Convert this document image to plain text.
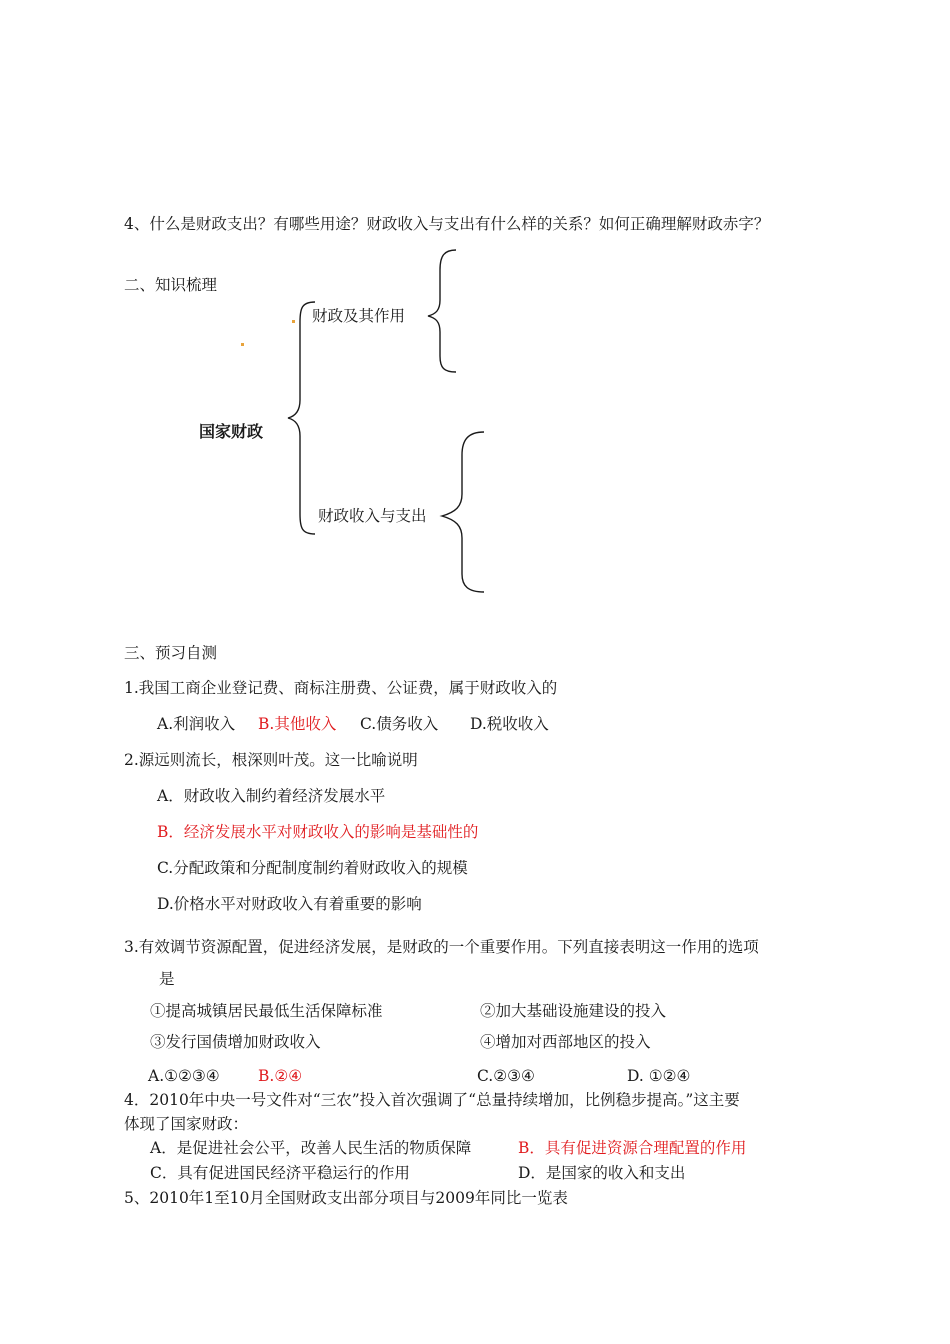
4、什么是财政支出？有哪些用途？财政收入与支出有什么样的关系？如何正确理解财政赤字？
二、知识梳理
财政及其作用
国家财政
财政收入与支出
三、预习自测
1.我国工商企业登记费、商标注册费、公证费，属于财政收入的
A.利润收入 B.其他收入 C.债务收入 D.税收收入
2.源远则流长，根深则叶茂。这一比喻说明
A．财政收入制约着经济发展水平
B．经济发展水平对财政收入的影响是基础性的
C.分配政策和分配制度制约着财政收入的规模
D.价格水平对财政收入有着重要的影响
3.有效调节资源配置，促进经济发展，是财政的一个重要作用。下列直接表明这一作用的选项
是
①提高城镇居民最低生活保障标准	②加大基础设施建设的投入
③发行国债增加财政收入	④增加对西部地区的投入
A.①②③④ B.②④	C.②③④	D. ①②④
4．2010年中央一号文件对“三农”投入首次强调了“总量持续增加，比例稳步提高。”这主要
体现了国家财政：
A．是促进社会公平，改善人民生活的物质保障	B．具有促进资源合理配置的作用
C．具有促进国民经济平稳运行的作用	D．是国家的收入和支出
5、2010年1至10月全国财政支出部分项目与2009年同比一览表
